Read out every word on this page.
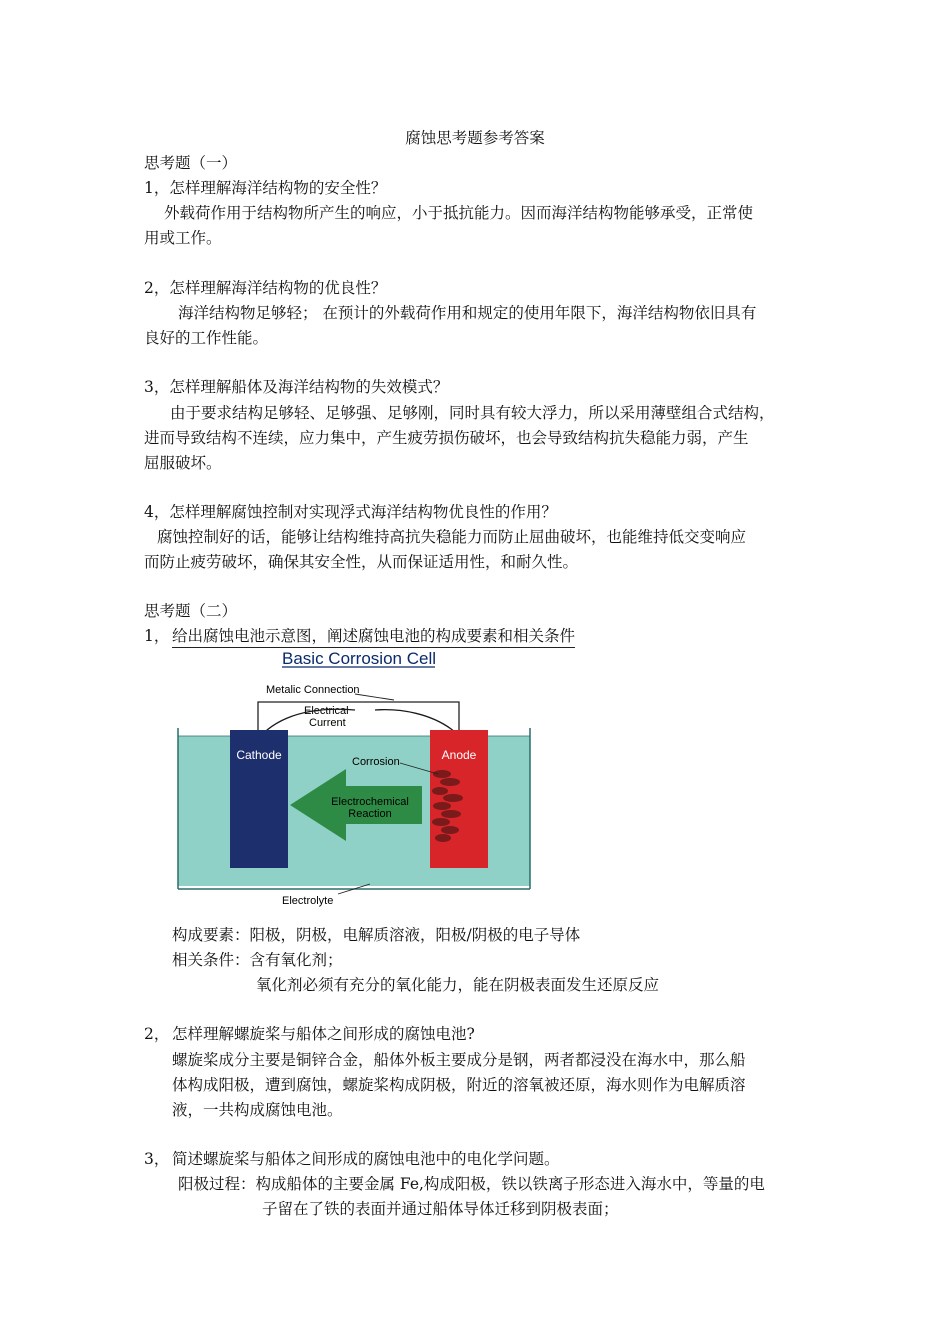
腐蚀思考题参考答案
思考题（一）
1，怎样理解海洋结构物的安全性？
外载荷作用于结构物所产生的响应，小于抵抗能力。因而海洋结构物能够承受，正常使
用或工作。
2，怎样理解海洋结构物的优良性？
海洋结构物足够轻； 在预计的外载荷作用和规定的使用年限下，海洋结构物依旧具有
良好的工作性能。
3，怎样理解船体及海洋结构物的失效模式？
由于要求结构足够轻、足够强、足够刚，同时具有较大浮力，所以采用薄壁组合式结构，
进而导致结构不连续，应力集中，产生疲劳损伤破坏，也会导致结构抗失稳能力弱，产生
屈服破坏。
4，怎样理解腐蚀控制对实现浮式海洋结构物优良性的作用？
腐蚀控制好的话，能够让结构维持高抗失稳能力而防止屈曲破坏，也能维持低交变响应
而防止疲劳破坏，确保其安全性，从而保证适用性，和耐久性。
思考题（二）
1， 给出腐蚀电池示意图，阐述腐蚀电池的构成要素和相关条件
Basic Corrosion Cell
Metalic Connection
Electrical
Current
Cathode	Anode
Corrosion
Electrochemical
Reaction
Electrolyte
构成要素：阳极，阴极，电解质溶液，阳极/阴极的电子导体
相关条件：含有氧化剂；
氧化剂必须有充分的氧化能力，能在阴极表面发生还原反应
2， 怎样理解螺旋桨与船体之间形成的腐蚀电池?
螺旋桨成分主要是铜锌合金，船体外板主要成分是钢，两者都浸没在海水中，那么船
体构成阳极，遭到腐蚀，螺旋桨构成阴极，附近的溶氧被还原，海水则作为电解质溶
液，一共构成腐蚀电池。
3， 简述螺旋桨与船体之间形成的腐蚀电池中的电化学问题。
阳极过程：构成船体的主要金属 Fe,构成阳极，铁以铁离子形态进入海水中，等量的电
子留在了铁的表面并通过船体导体迁移到阴极表面；
